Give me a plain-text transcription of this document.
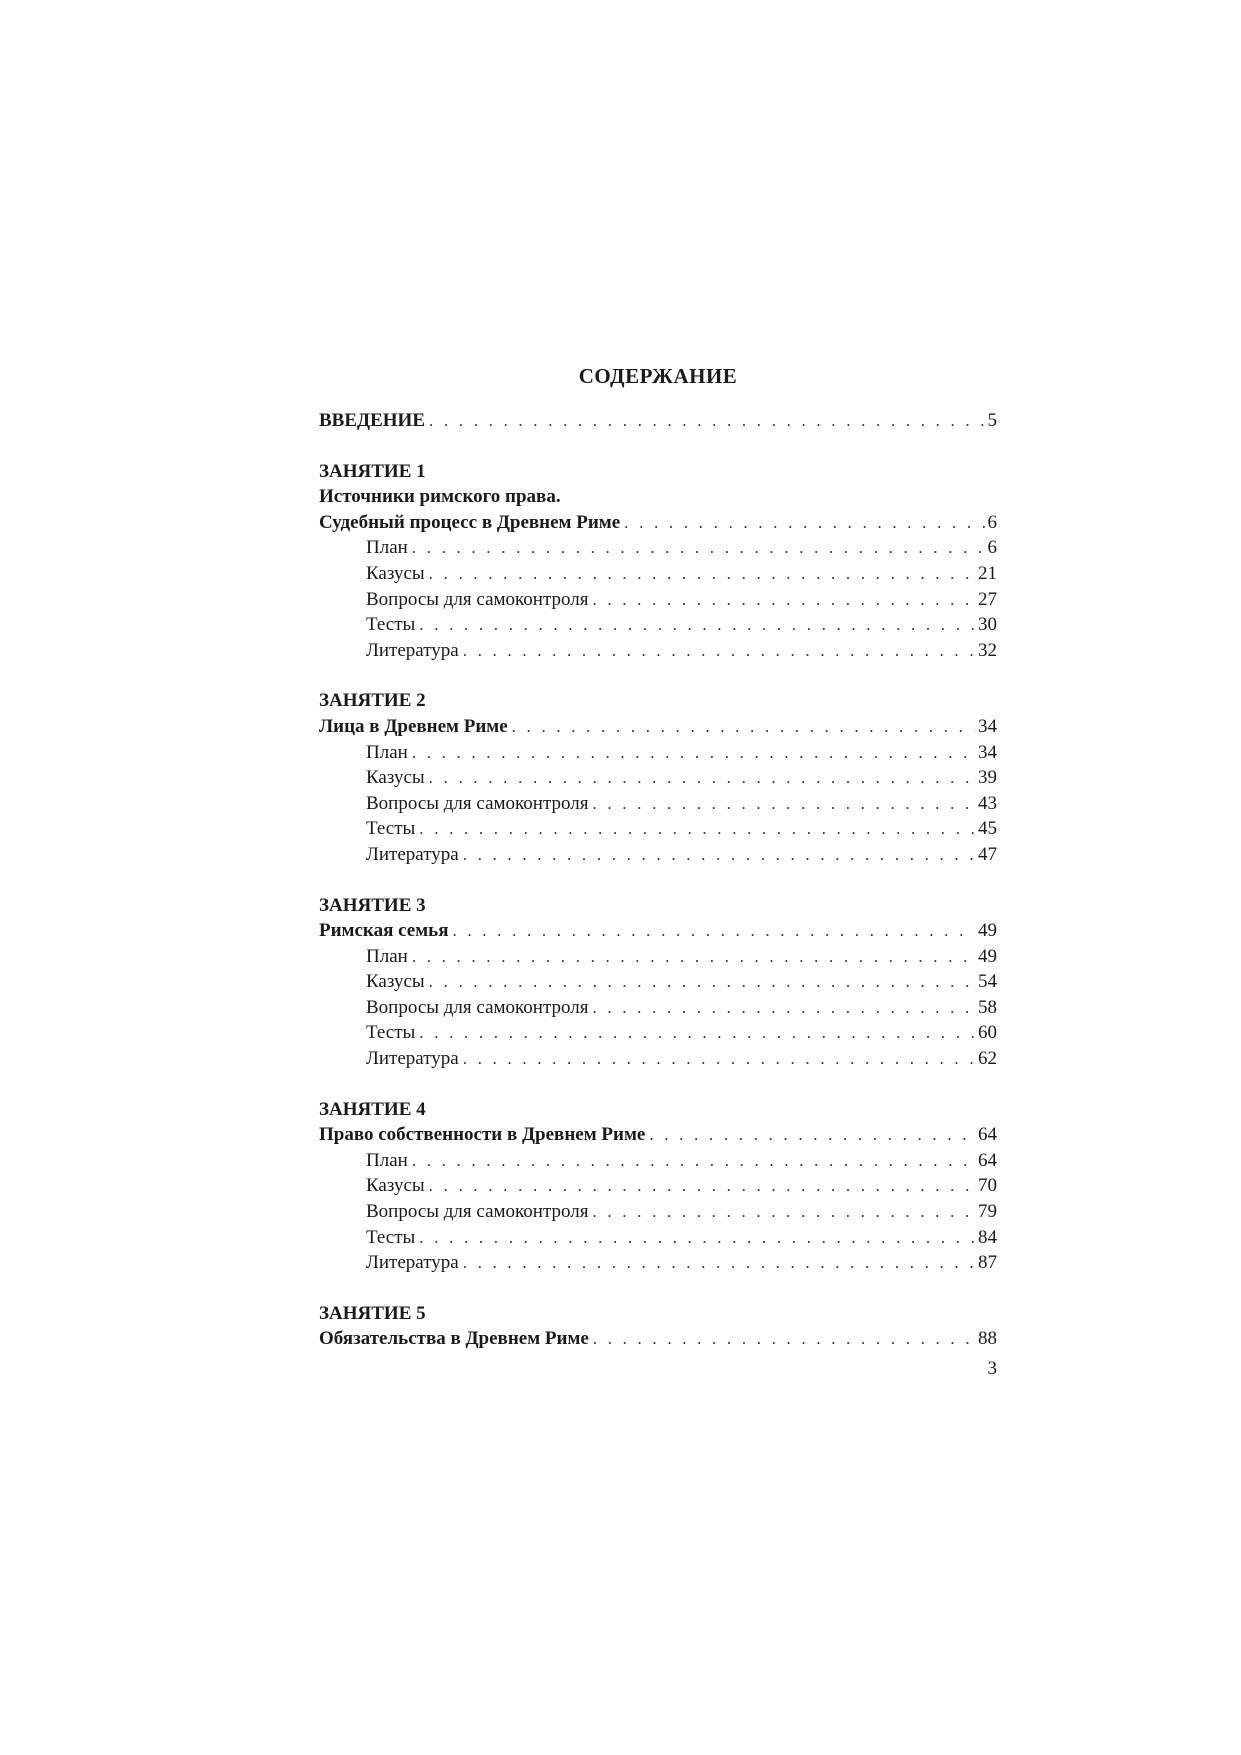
СОДЕРЖАНИЕ
ВВЕДЕНИЕ . . .	5
ЗАНЯТИЕ 1
Источники римского права.
Судебный процесс в Древнем Риме . . .	6
План . . .	6
Казусы . . .	21
Вопросы для самоконтроля . . .	27
Тесты . . .	30
Литература . . .	32
ЗАНЯТИЕ 2
Лица в Древнем Риме . . .	34
План . . .	34
Казусы . . .	39
Вопросы для самоконтроля . . .	43
Тесты . . .	45
Литература . . .	47
ЗАНЯТИЕ 3
Римская семья . . .	49
План . . .	49
Казусы . . .	54
Вопросы для самоконтроля . . .	58
Тесты . . .	60
Литература . . .	62
ЗАНЯТИЕ 4
Право собственности в Древнем Риме . . .	64
План . . .	64
Казусы . . .	70
Вопросы для самоконтроля . . .	79
Тесты . . .	84
Литература . . .	87
ЗАНЯТИЕ 5
Обязательства в Древнем Риме . . .	88
3
